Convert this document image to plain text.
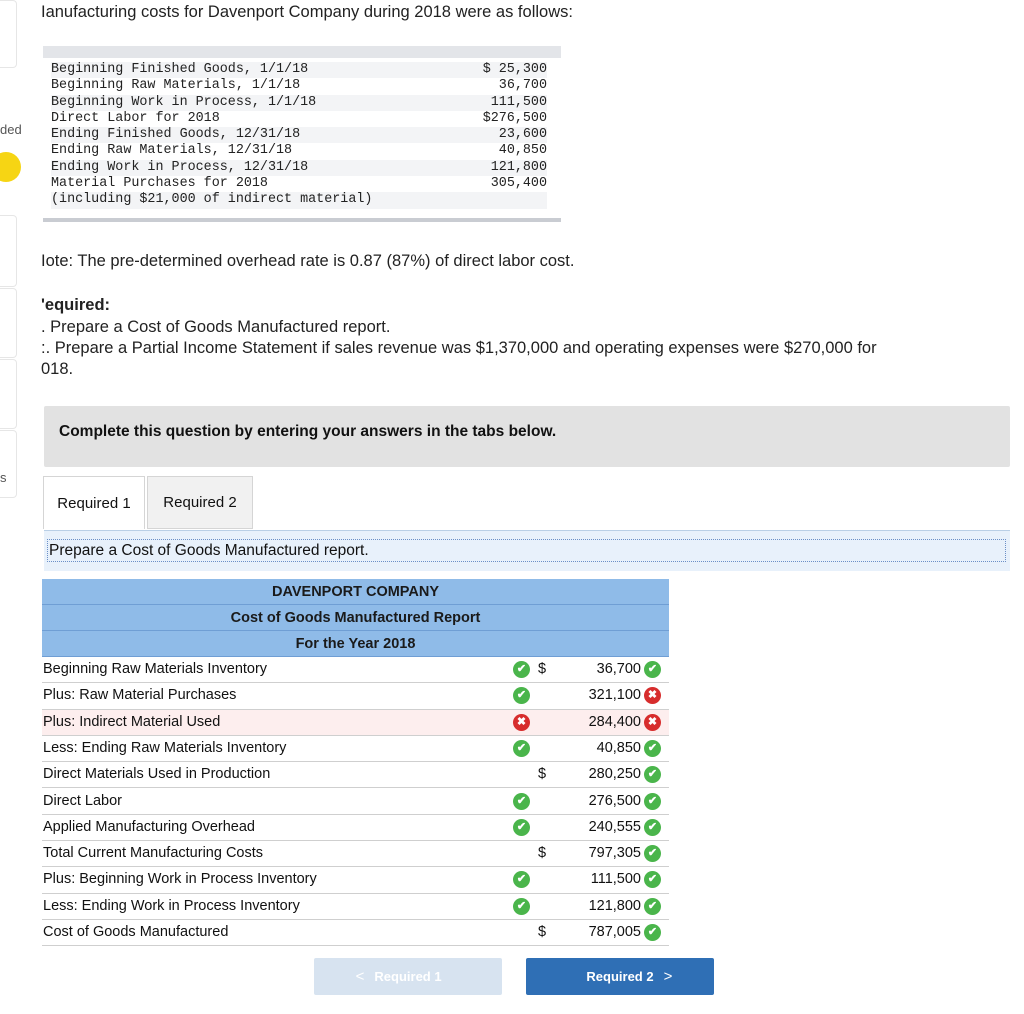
ded
s
Ianufacturing costs for Davenport Company during 2018 were as follows:
Beginning Finished Goods, 1/1/18	$ 25,300
Beginning Raw Materials, 1/1/18	36,700
Beginning Work in Process, 1/1/18	111,500
Direct Labor for 2018	$276,500
Ending Finished Goods, 12/31/18	23,600
Ending Raw Materials, 12/31/18	40,850
Ending Work in Process, 12/31/18	121,800
Material Purchases for 2018	305,400
(including $21,000 of indirect material)
Iote: The pre-determined overhead rate is 0.87 (87%) of direct labor cost.
'equired:
. Prepare a Cost of Goods Manufactured report.
:. Prepare a Partial Income Statement if sales revenue was $1,370,000 and operating expenses were $270,000 for
018.
Complete this question by entering your answers in the tabs below.
Required 1	Required 2
Prepare a Cost of Goods Manufactured report.
DAVENPORT COMPANY
Cost of Goods Manufactured Report
For the Year 2018
Beginning Raw Materials Inventory	✔ $	36,700 ✔
Plus: Raw Material Purchases	✔	321,100 ✖
Plus: Indirect Material Used	✖	284,400 ✖
Less: Ending Raw Materials Inventory	✔	40,850 ✔
Direct Materials Used in Production	$	280,250 ✔
Direct Labor	✔	276,500 ✔
Applied Manufacturing Overhead	✔	240,555 ✔
Total Current Manufacturing Costs	$	797,305 ✔
Plus: Beginning Work in Process Inventory	✔	111,500 ✔
Less: Ending Work in Process Inventory	✔	121,800 ✔
Cost of Goods Manufactured	$	787,005 ✔
< Required 1	Required 2 >
